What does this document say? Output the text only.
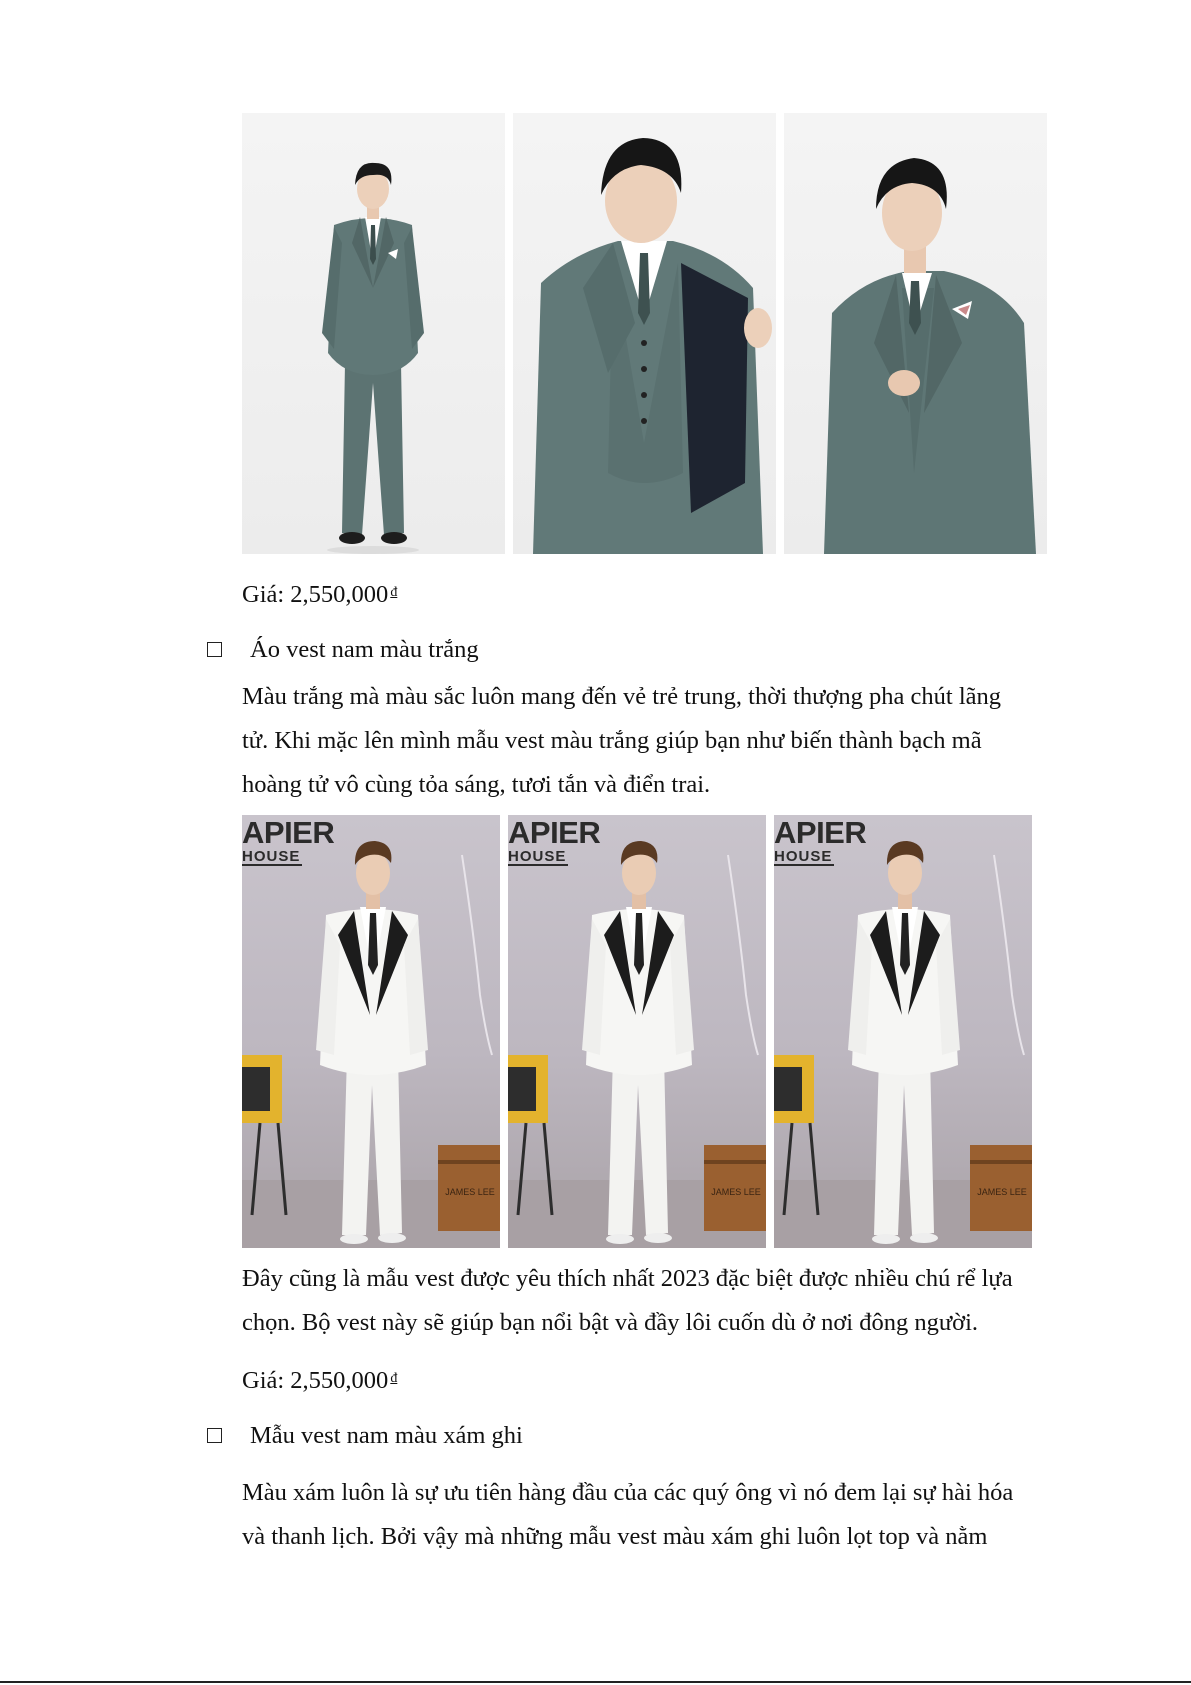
Giá: 2,550,000 $^đ$
Áo vest nam màu trắng
Màu trắng mà màu sắc luôn mang đến vẻ trẻ trung, thời thượng pha chút lãng
tử. Khi mặc lên mình mẫu vest màu trắng giúp bạn như biến thành bạch mã
hoàng tử vô cùng tỏa sáng, tươi tắn và điển trai.
APIER
HOUSE
JAMES LEE
APIER
HOUSE
JAMES LEE
APIER
HOUSE
JAMES LEE
Đây cũng là mẫu vest được yêu thích nhất 2023 đặc biệt được nhiều chú rể lựa
chọn. Bộ vest này sẽ giúp bạn nổi bật và đầy lôi cuốn dù ở nơi đông người.
Giá: 2,550,000 $^đ$
Mẫu vest nam màu xám ghi
Màu xám luôn là sự ưu tiên hàng đầu của các quý ông vì nó đem lại sự hài hóa
và thanh lịch. Bởi vậy mà những mẫu vest màu xám ghi luôn lọt top và nằm
